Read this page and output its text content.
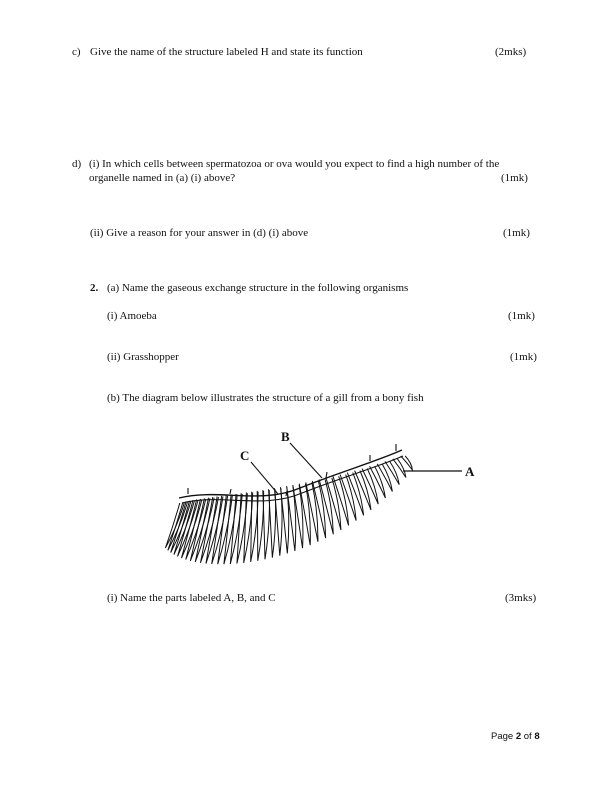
c) Give the name of the structure labeled H and state its function	(2mks)
d) (i) In which cells between spermatozoa or ova would you expect to find a high number of the
organelle named in (a) (i) above?	(1mk)
(ii) Give a reason for your answer in (d) (i) above	(1mk)
2. (a) Name the gaseous exchange structure in the following organisms
(i) Amoeba	(1mk)
(ii) Grasshopper	(1mk)
(b) The diagram below illustrates the structure of a gill from a bony fish
B
C
A
(i) Name the parts labeled A, B, and C	(3mks)
Page 2 of 8
